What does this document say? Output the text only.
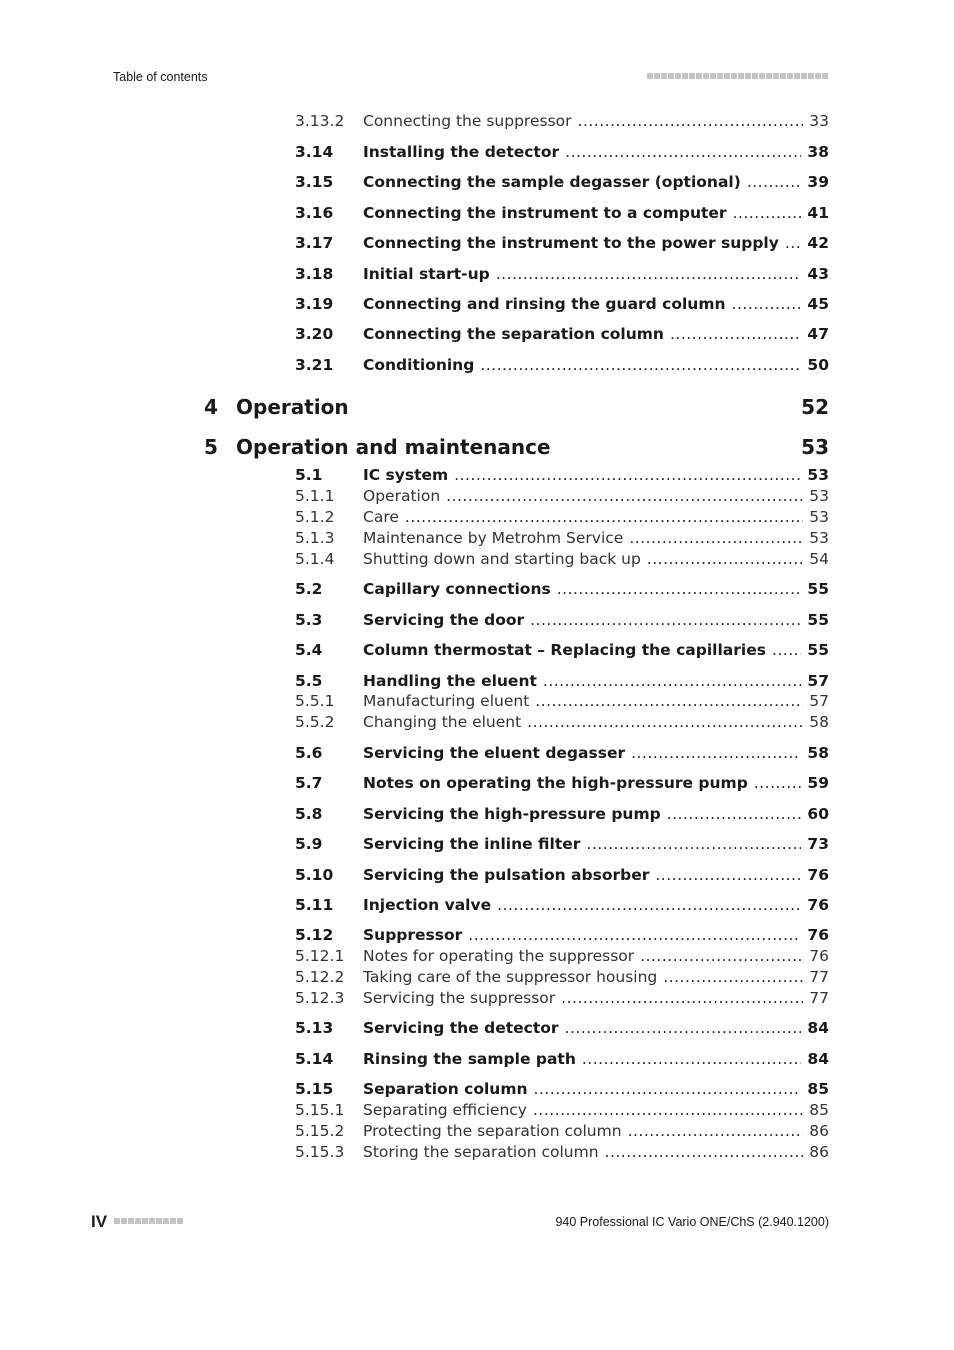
Table of contents
3.13.2	Connecting the suppressor .....	33
3.14	Installing the detector .....	38
3.15	Connecting the sample degasser (optional) .....	39
3.16	Connecting the instrument to a computer .....	41
3.17	Connecting the instrument to the power supply ..... 42
3.18	Initial start-up .....	43
3.19	Connecting and rinsing the guard column .....	45
3.20	Connecting the separation column .....	47
3.21	Conditioning .....	50
4 Operation	52
5 Operation and maintenance	53
5.1	IC system .....	53
5.1.1	Operation .....	53
5.1.2	Care .....	53
5.1.3	Maintenance by Metrohm Service .....	53
5.1.4	Shutting down and starting back up .....	54
5.2	Capillary connections .....	55
5.3	Servicing the door .....	55
5.4	Column thermostat – Replacing the capillaries .....	55
5.5	Handling the eluent .....	57
5.5.1	Manufacturing eluent .....	57
5.5.2	Changing the eluent .....	58
5.6	Servicing the eluent degasser .....	58
5.7	Notes on operating the high-pressure pump .....	59
5.8	Servicing the high-pressure pump .....	60
5.9	Servicing the inline filter .....	73
5.10	Servicing the pulsation absorber .....	76
5.11	Injection valve .....	76
5.12	Suppressor .....	76
5.12.1	Notes for operating the suppressor .....	76
5.12.2	Taking care of the suppressor housing .....	77
5.12.3	Servicing the suppressor .....	77
5.13	Servicing the detector .....	84
5.14	Rinsing the sample path .....	84
5.15	Separation column .....	85
5.15.1	Separating efficiency .....	85
5.15.2	Protecting the separation column .....	86
5.15.3	Storing the separation column .....	86
IV	940 Professional IC Vario ONE/ChS (2.940.1200)
